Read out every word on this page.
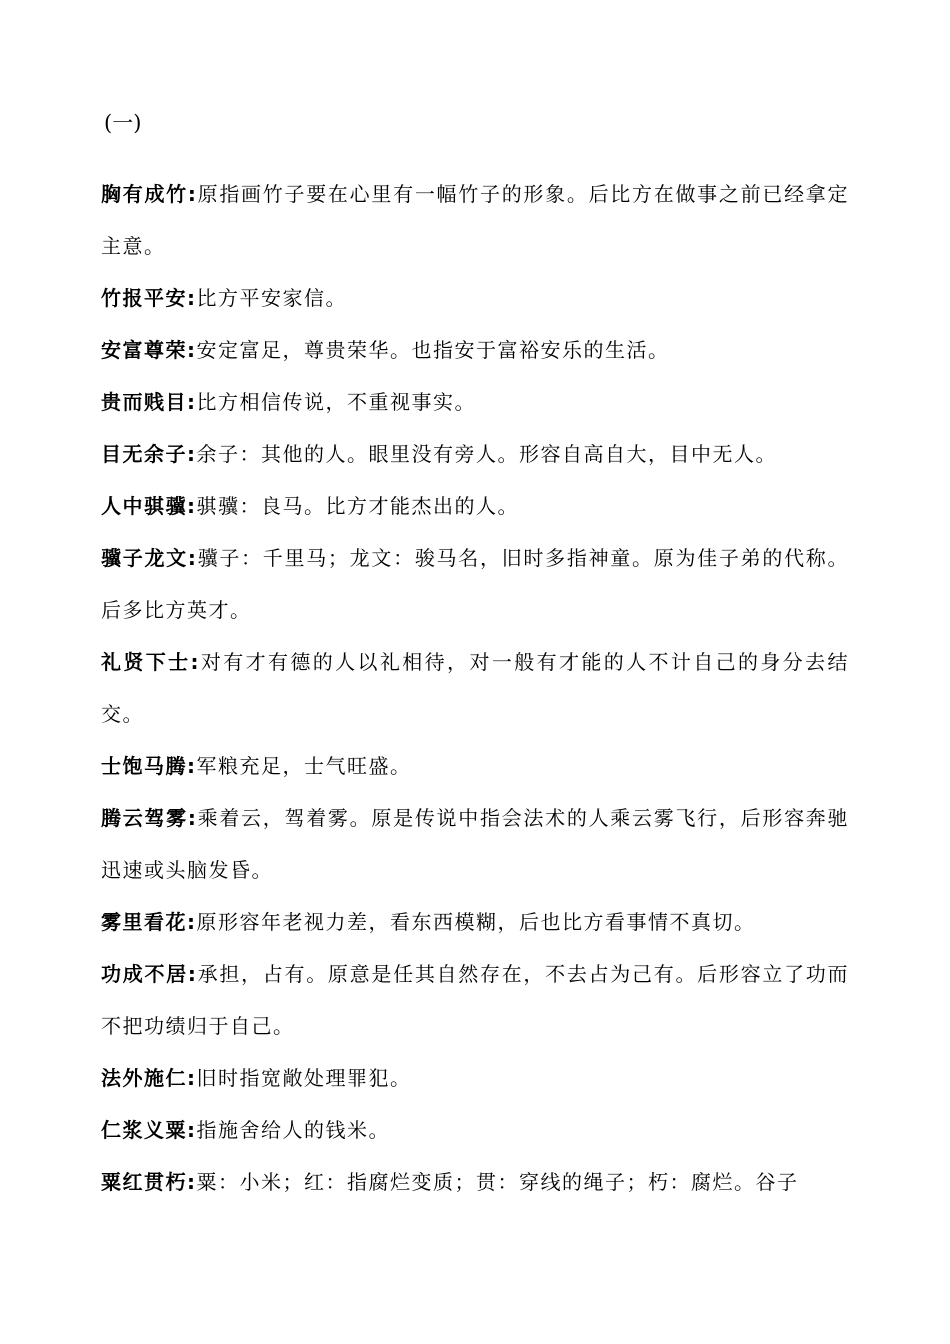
(一)

胸有成竹:原指画竹子要在心里有一幅竹子的形象。后比方在做事之前已经拿定主意。

竹报平安:比方平安家信。

安富尊荣:安定富足，尊贵荣华。也指安于富裕安乐的生活。

贵而贱目:比方相信传说，不重视事实。

目无余子:余子：其他的人。眼里没有旁人。形容自高自大，目中无人。

人中骐骥:骐骥：良马。比方才能杰出的人。

骥子龙文:骥子：千里马；龙文：骏马名，旧时多指神童。原为佳子弟的代称。后多比方英才。

礼贤下士:对有才有德的人以礼相待，对一般有才能的人不计自己的身分去结交。

士饱马腾:军粮充足，士气旺盛。

腾云驾雾:乘着云，驾着雾。原是传说中指会法术的人乘云雾飞行，后形容奔驰迅速或头脑发昏。

雾里看花:原形容年老视力差，看东西模糊，后也比方看事情不真切。

功成不居:承担，占有。原意是任其自然存在，不去占为己有。后形容立了功而不把功绩归于自己。

法外施仁:旧时指宽敞处理罪犯。

仁浆义粟:指施舍给人的钱米。

粟红贯朽:粟：小米；红：指腐烂变质；贯：穿线的绳子；朽：腐烂。谷子
